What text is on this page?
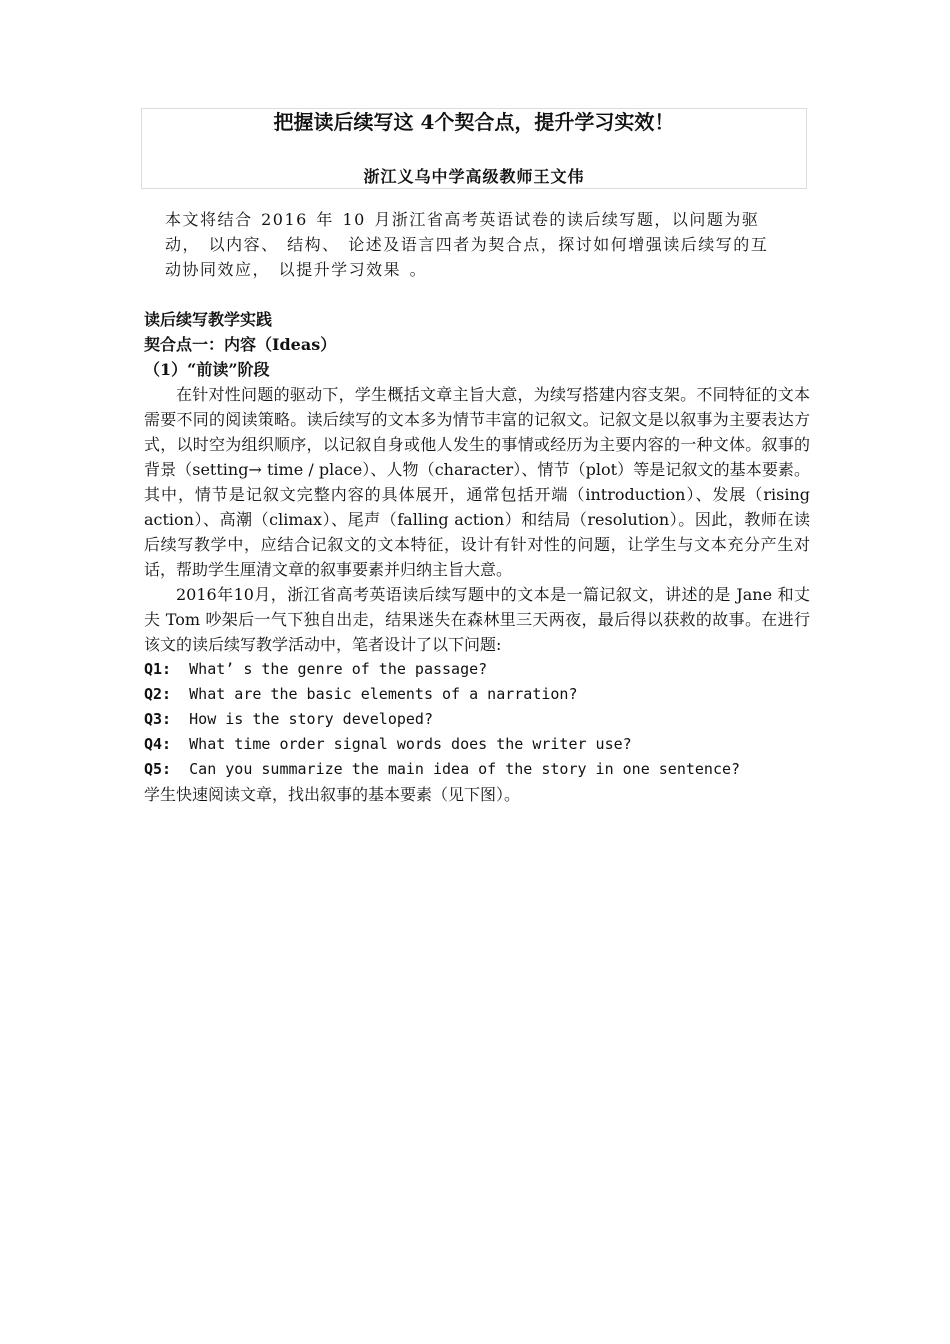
把握读后续写这 4个契合点，提升学习实效！
浙江义乌中学高级教师王文伟

本文将结合 2016 年 10 月浙江省高考英语试卷的读后续写题，以问题为驱动， 以内容、 结构、 论述及语言四者为契合点，探讨如何增强读后续写的互动协同效应， 以提升学习效果 。

读后续写教学实践

契合点一：内容（Ideas）

（1）“前读”阶段

在针对性问题的驱动下，学生概括文章主旨大意，为续写搭建内容支架。不同特征的文本需要不同的阅读策略。读后续写的文本多为情节丰富的记叙文。记叙文是以叙事为主要表达方式，以时空为组织顺序，以记叙自身或他人发生的事情或经历为主要内容的一种文体。叙事的背景（setting→ time / place）、人物（character）、情节（plot）等是记叙文的基本要素。其中，情节是记叙文完整内容的具体展开，通常包括开端（introduction）、发展（rising action）、高潮（climax）、尾声（falling action）和结局（resolution）。因此，教师在读后续写教学中，应结合记叙文的文本特征，设计有针对性的问题，让学生与文本充分产生对话，帮助学生厘清文章的叙事要素并归纳主旨大意。

2016年10月，浙江省高考英语读后续写题中的文本是一篇记叙文，讲述的是 Jane 和丈夫 Tom 吵架后一气下独自出走，结果迷失在森林里三天两夜，最后得以获救的故事。在进行该文的读后续写教学活动中，笔者设计了以下问题:

Q1: What’ s the genre of the passage?

Q2: What are the basic elements of a narration?

Q3: How is the story developed?

Q4: What time order signal words does the writer use?

Q5: Can you summarize the main idea of the story in one sentence?

学生快速阅读文章，找出叙事的基本要素（见下图）。
